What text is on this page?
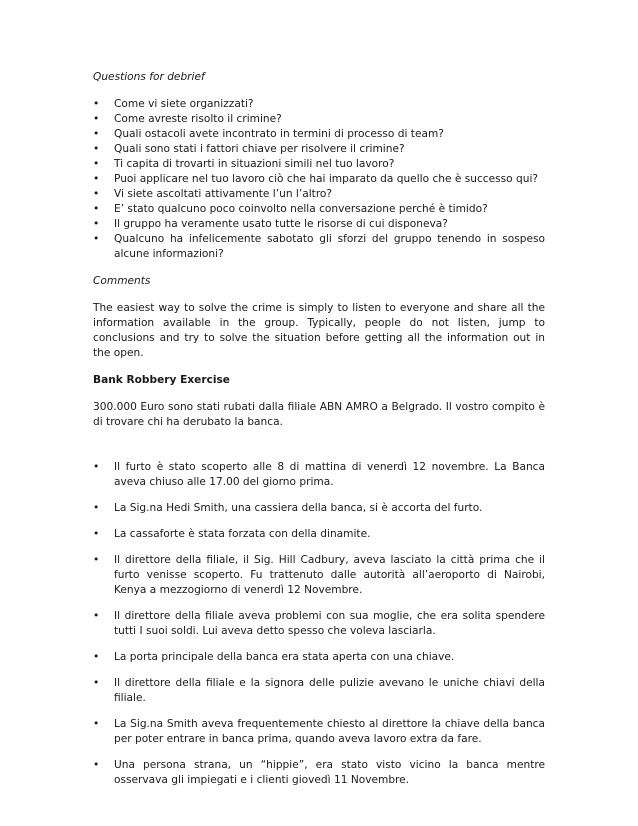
Questions for debrief

• Come vi siete organizzati?
• Come avreste risolto il crimine?
• Quali ostacoli avete incontrato in termini di processo di team?
• Quali sono stati i fattori chiave per risolvere il crimine?
• Ti capita di trovarti in situazioni simili nel tuo lavoro?
• Puoi applicare nel tuo lavoro ciò che hai imparato da quello che è successo qui?
• Vi siete ascoltati attivamente l’un l’altro?
• E’ stato qualcuno poco coinvolto nella conversazione perché è timido?
• Il gruppo ha veramente usato tutte le risorse di cui disponeva?
• Qualcuno ha infelicemente sabotato gli sforzi del gruppo tenendo in sospeso alcune informazioni?

Comments

The easiest way to solve the crime is simply to listen to everyone and share all the information available in the group. Typically, people do not listen, jump to conclusions and try to solve the situation before getting all the information out in the open.

Bank Robbery Exercise

300.000 Euro sono stati rubati dalla filiale ABN AMRO a Belgrado. Il vostro compito è di trovare chi ha derubato la banca.

• Il furto è stato scoperto alle 8 di mattina di venerdì 12 novembre. La Banca aveva chiuso alle 17.00 del giorno prima.
• La Sig.na Hedi Smith, una cassiera della banca, si è accorta del furto.
• La cassaforte è stata forzata con della dinamite.
• Il direttore della filiale, il Sig. Hill Cadbury, aveva lasciato la città prima che il furto venisse scoperto. Fu trattenuto dalle autorità all’aeroporto di Nairobi, Kenya a mezzogiorno di venerdì 12 Novembre.
• Il direttore della filiale aveva problemi con sua moglie, che era solita spendere tutti I suoi soldi. Lui aveva detto spesso che voleva lasciarla.
• La porta principale della banca era stata aperta con una chiave.
• Il direttore della filiale e la signora delle pulizie avevano le uniche chiavi della filiale.
• La Sig.na Smith aveva frequentemente chiesto al direttore la chiave della banca per poter entrare in banca prima, quando aveva lavoro extra da fare.
• Una persona strana, un “hippie”, era stato visto vicino la banca mentre osservava gli impiegati e i clienti giovedì 11 Novembre.
